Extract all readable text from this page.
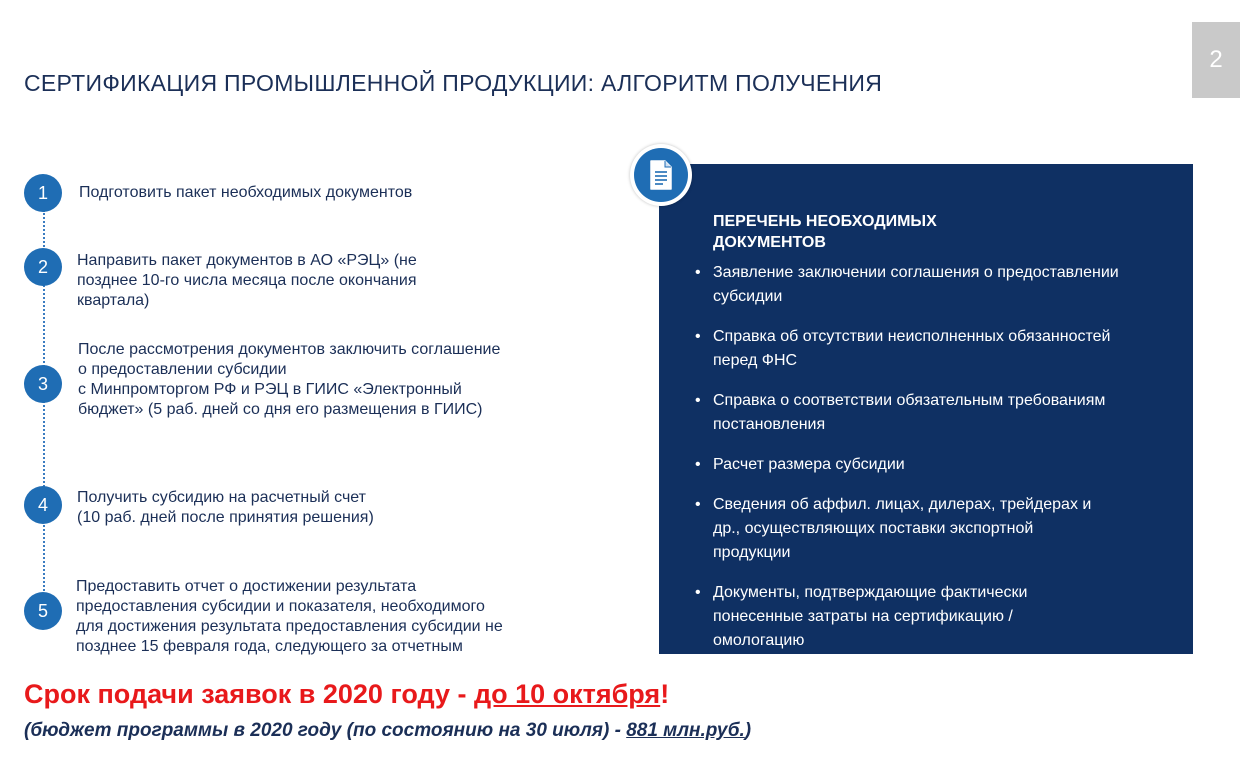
2
СЕРТИФИКАЦИЯ ПРОМЫШЛЕННОЙ ПРОДУКЦИИ: АЛГОРИТМ ПОЛУЧЕНИЯ
1	Подготовить пакет необходимых документов
2	Направить пакет документов в АО «РЭЦ» (не
позднее 10-го числа месяца после окончания
квартала)
3
После рассмотрения документов заключить соглашение
о предоставлении субсидии
с Минпромторгом РФ и РЭЦ в ГИИС «Электронный
бюджет» (5 раб. дней со дня его размещения в ГИИС)
4	Получить субсидию на расчетный счет
(10 раб. дней после принятия решения)
5
Предоставить отчет о достижении результата
предоставления субсидии и показателя, необходимого
для достижения результата предоставления субсидии не
позднее 15 февраля года, следующего за отчетным
ПЕРЕЧЕНЬ НЕОБХОДИМЫХ
ДОКУМЕНТОВ
• Заявление заключении соглашения о предоставлении
субсидии
• Справка об отсутствии неисполненных обязанностей
перед ФНС
• Справка о соответствии обязательным требованиям
постановления
• Расчет размера субсидии
• Сведения об аффил. лицах, дилерах, трейдерах и
др., осуществляющих поставки экспортной
продукции
• Документы, подтверждающие фактически
понесенные затраты на сертификацию /
омологацию
Срок подачи заявок в 2020 году - до 10 октября!
(бюджет программы в 2020 году (по состоянию на 30 июля) - 881 млн.руб.)
